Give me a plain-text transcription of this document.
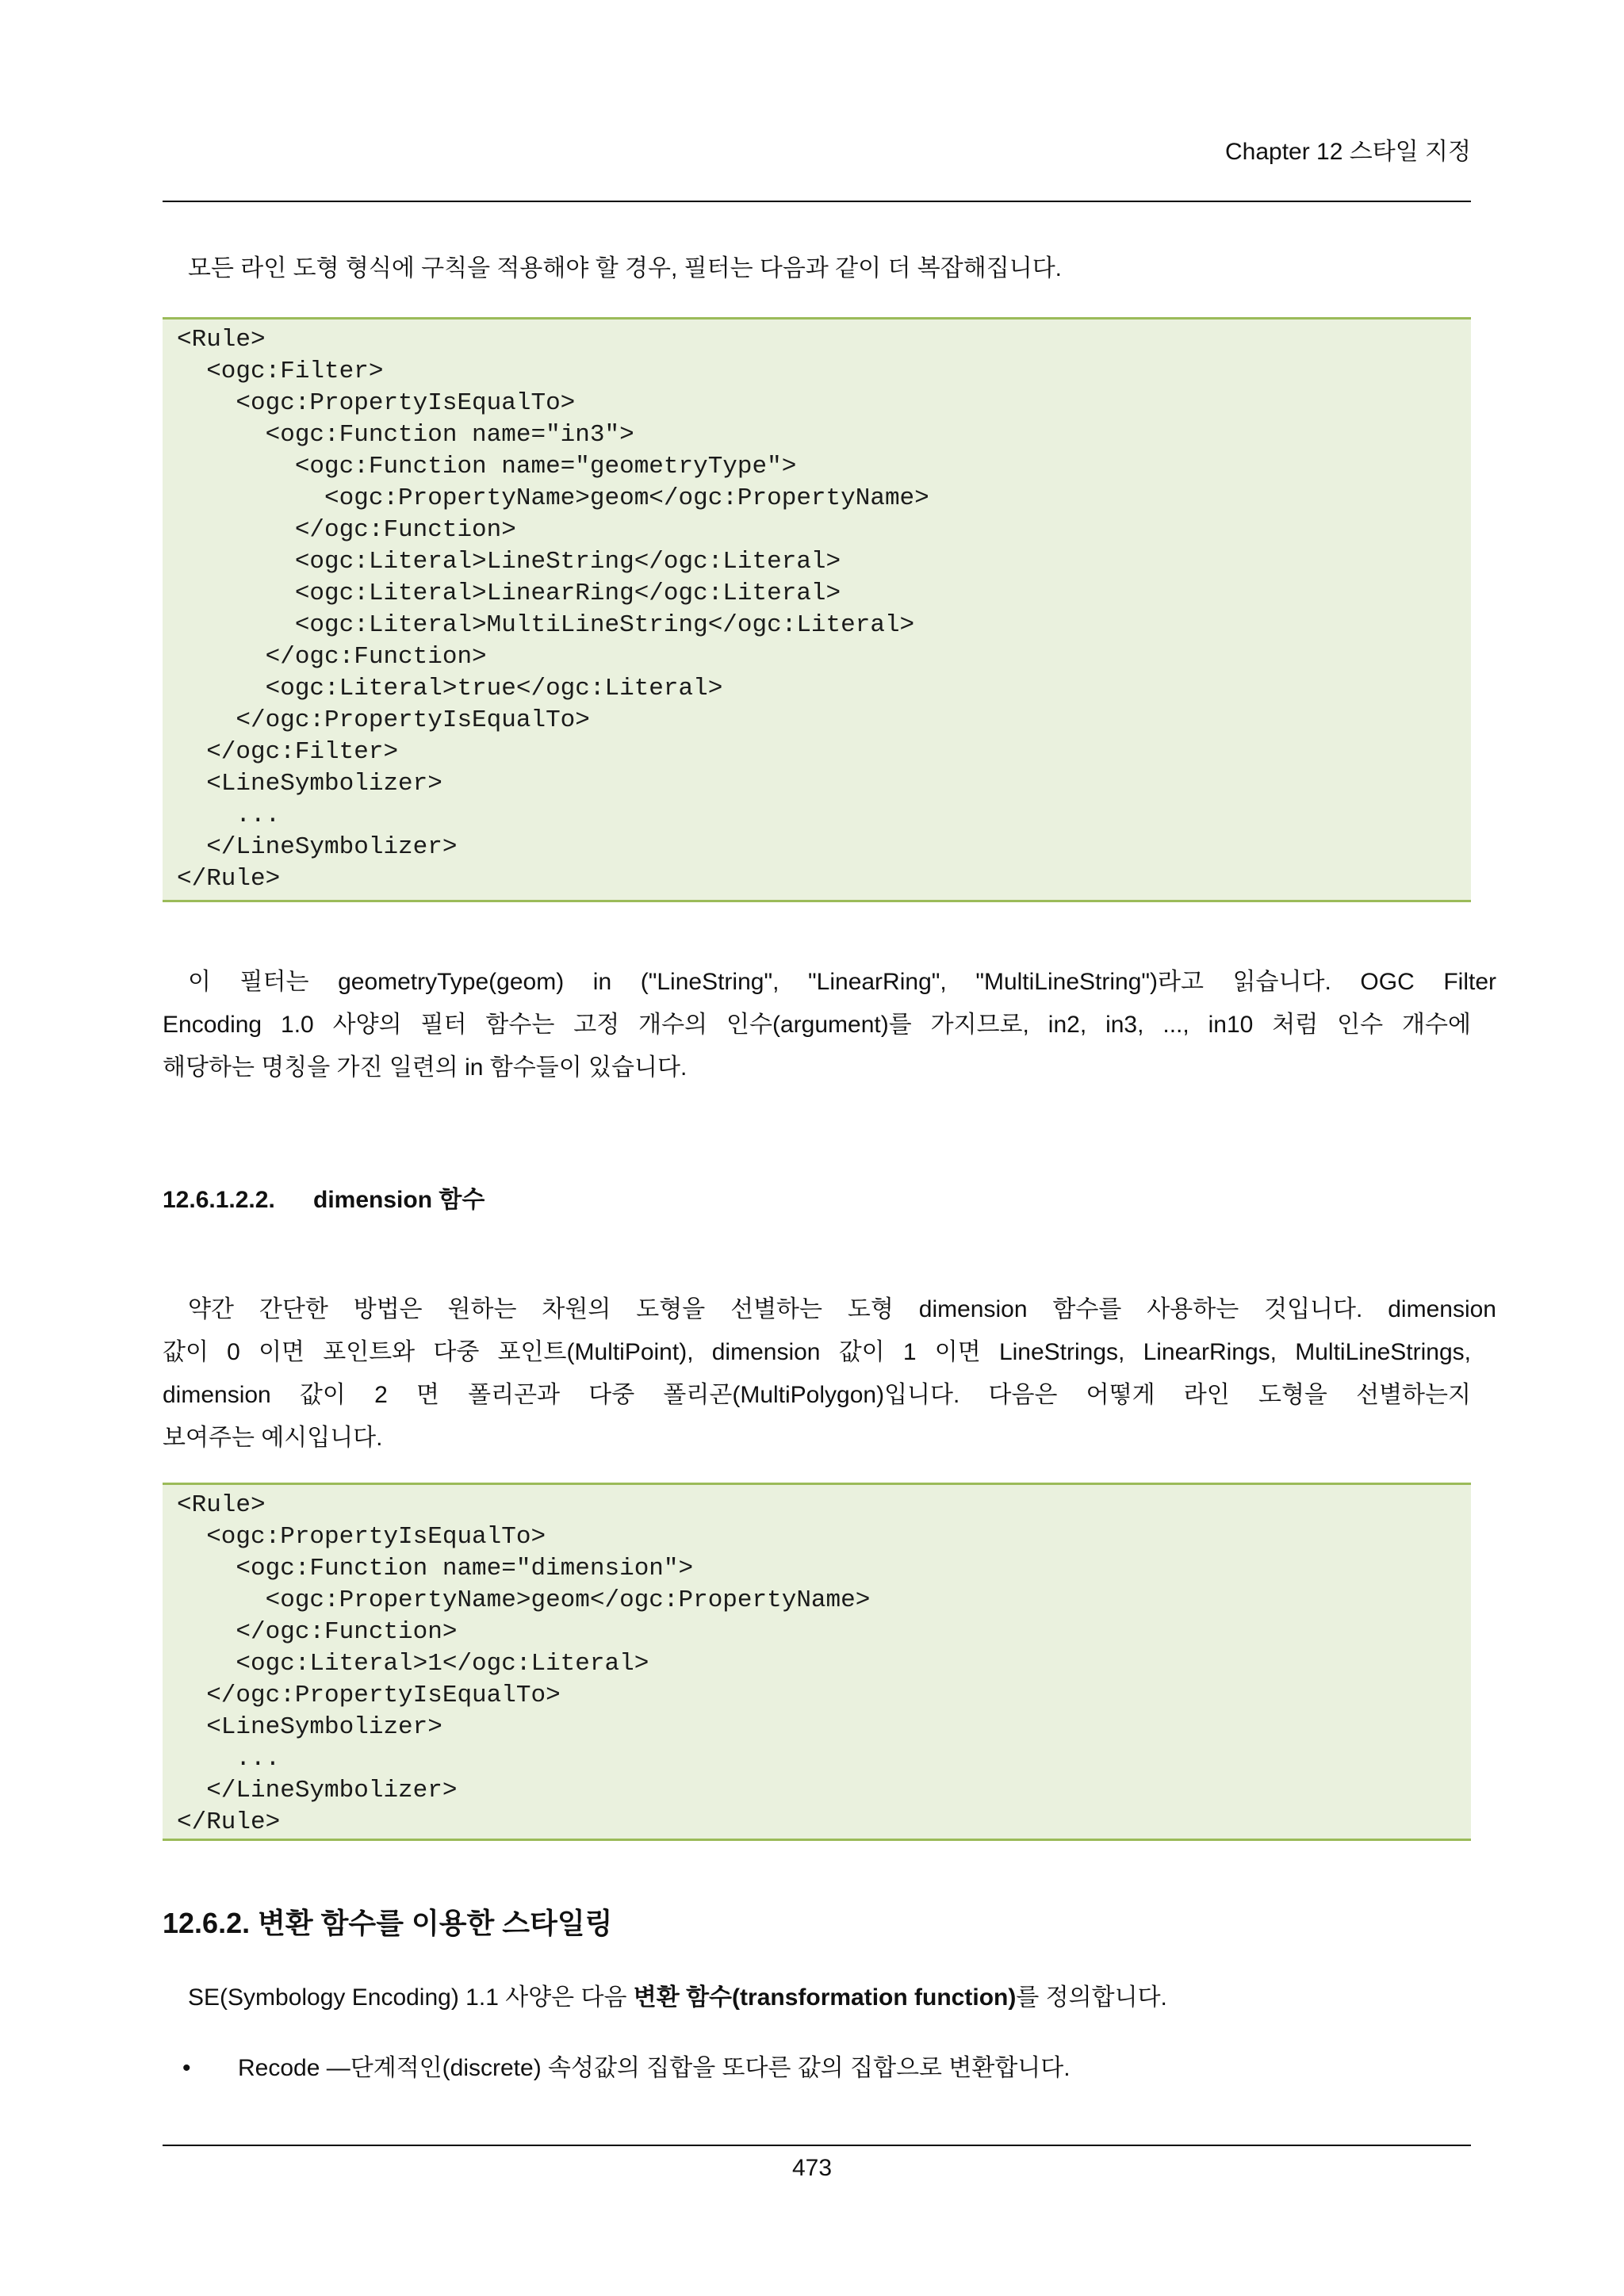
Chapter 12 스타일 지정
모든 라인 도형 형식에 구칙을 적용해야 할 경우, 필터는 다음과 같이 더 복잡해집니다.
<Rule>
<ogc:Filter>
<ogc:PropertyIsEqualTo>
<ogc:Function name="in3">
<ogc:Function name="geometryType">
<ogc:PropertyName>geom</ogc:PropertyName>
</ogc:Function>
<ogc:Literal>LineString</ogc:Literal>
<ogc:Literal>LinearRing</ogc:Literal>
<ogc:Literal>MultiLineString</ogc:Literal>
</ogc:Function>
<ogc:Literal>true</ogc:Literal>
</ogc:PropertyIsEqualTo>
</ogc:Filter>
<LineSymbolizer>
...
</LineSymbolizer>
</Rule>
이 필터는 geometryType(geom) in ("LineString", "LinearRing", "MultiLineString")라고 읽습니다. OGC Filter
Encoding 1.0 사양의 필터 함수는 고정 개수의 인수(argument)를 가지므로, in2, in3, ..., in10 처럼 인수 개수에
해당하는 명칭을 가진 일련의 in 함수들이 있습니다.
12.6.1.2.2. dimension 함수
약간 간단한 방법은 원하는 차원의 도형을 선별하는 도형 dimension 함수를 사용하는 것입니다. dimension
값이 0 이면 포인트와 다중 포인트(MultiPoint), dimension 값이 1 이면 LineStrings, LinearRings, MultiLineStrings,
dimension 값이 2 면 폴리곤과 다중 폴리곤(MultiPolygon)입니다. 다음은 어떻게 라인 도형을 선별하는지
보여주는 예시입니다.
<Rule>
<ogc:PropertyIsEqualTo>
<ogc:Function name="dimension">
<ogc:PropertyName>geom</ogc:PropertyName>
</ogc:Function>
<ogc:Literal>1</ogc:Literal>
</ogc:PropertyIsEqualTo>
<LineSymbolizer>
...
</LineSymbolizer>
</Rule>
12.6.2. 변환 함수를 이용한 스타일링
SE(Symbology Encoding) 1.1 사양은 다음 변환 함수(transformation function)를 정의합니다.
• Recode —단계적인(discrete) 속성값의 집합을 또다른 값의 집합으로 변환합니다.
473
